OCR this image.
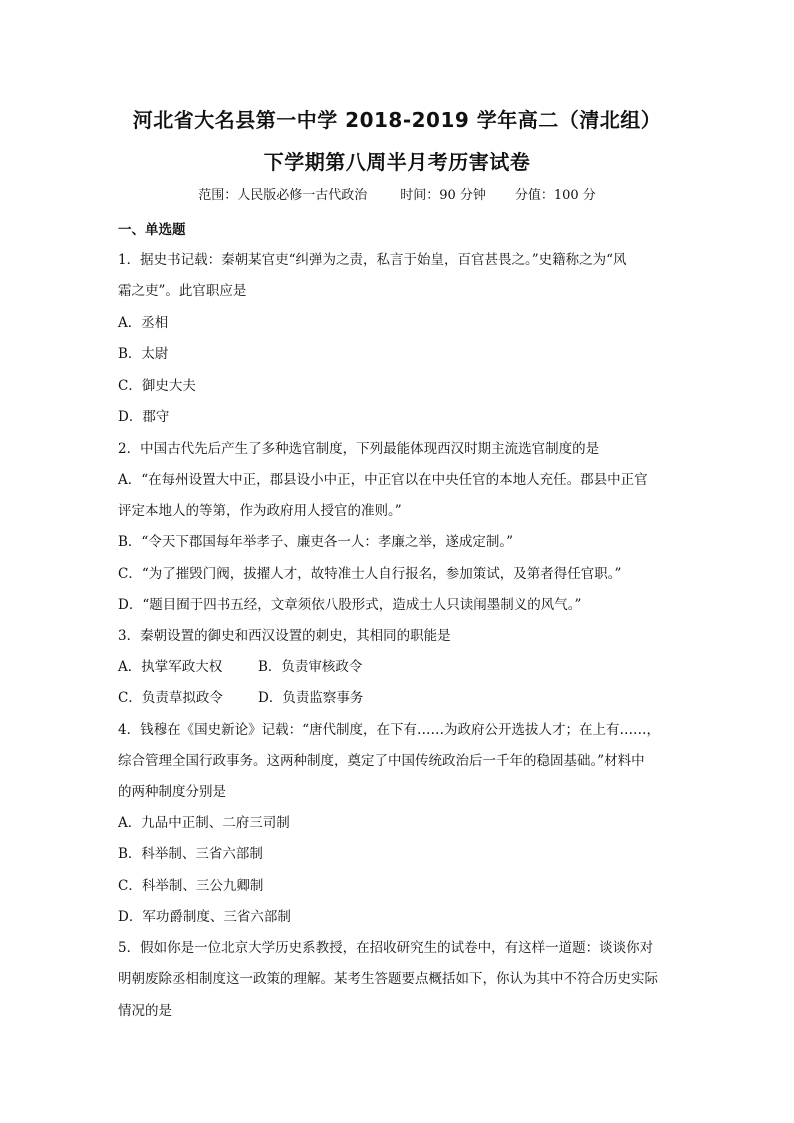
河北省大名县第一中学 2018-2019 学年高二（清北组）
下学期第八周半月考历害试卷
范围：人民版必修一古代政治        时间：90 分钟       分值：100 分
一、单选题
1．据史书记载：秦朝某官吏“纠弹为之责，私言于始皇，百官甚畏之。”史籍称之为“风
霜之吏”。此官职应是
A．丞相
B．太尉
C．御史大夫
D．郡守
2．中国古代先后产生了多种选官制度，下列最能体现西汉时期主流选官制度的是
A．“在每州设置大中正，郡县设小中正，中正官以在中央任官的本地人充任。郡县中正官
评定本地人的等第，作为政府用人授官的准则。”
B．“令天下郡国每年举孝子、廉吏各一人：孝廉之举，遂成定制。”
C．“为了摧毁门阀，拔擢人才，故特准士人自行报名，参加策试，及第者得任官职。”
D．“题目囿于四书五经，文章须依八股形式，造成士人只读闱墨制义的风气。”
3．秦朝设置的御史和西汉设置的刺史，其相同的职能是
A．执掌军政大权	B．负责审核政令
C．负责草拟政令	D．负责监察事务
4．钱穆在《国史新论》记载：“唐代制度，在下有……为政府公开选拔人才；在上有……，
综合管理全国行政事务。这两种制度，奠定了中国传统政治后一千年的稳固基础。”材料中
的两种制度分别是
A．九品中正制、二府三司制
B．科举制、三省六部制
C．科举制、三公九卿制
D．军功爵制度、三省六部制
5．假如你是一位北京大学历史系教授，在招收研究生的试卷中，有这样一道题：谈谈你对
明朝废除丞相制度这一政策的理解。某考生答题要点概括如下，你认为其中不符合历史实际
情况的是
